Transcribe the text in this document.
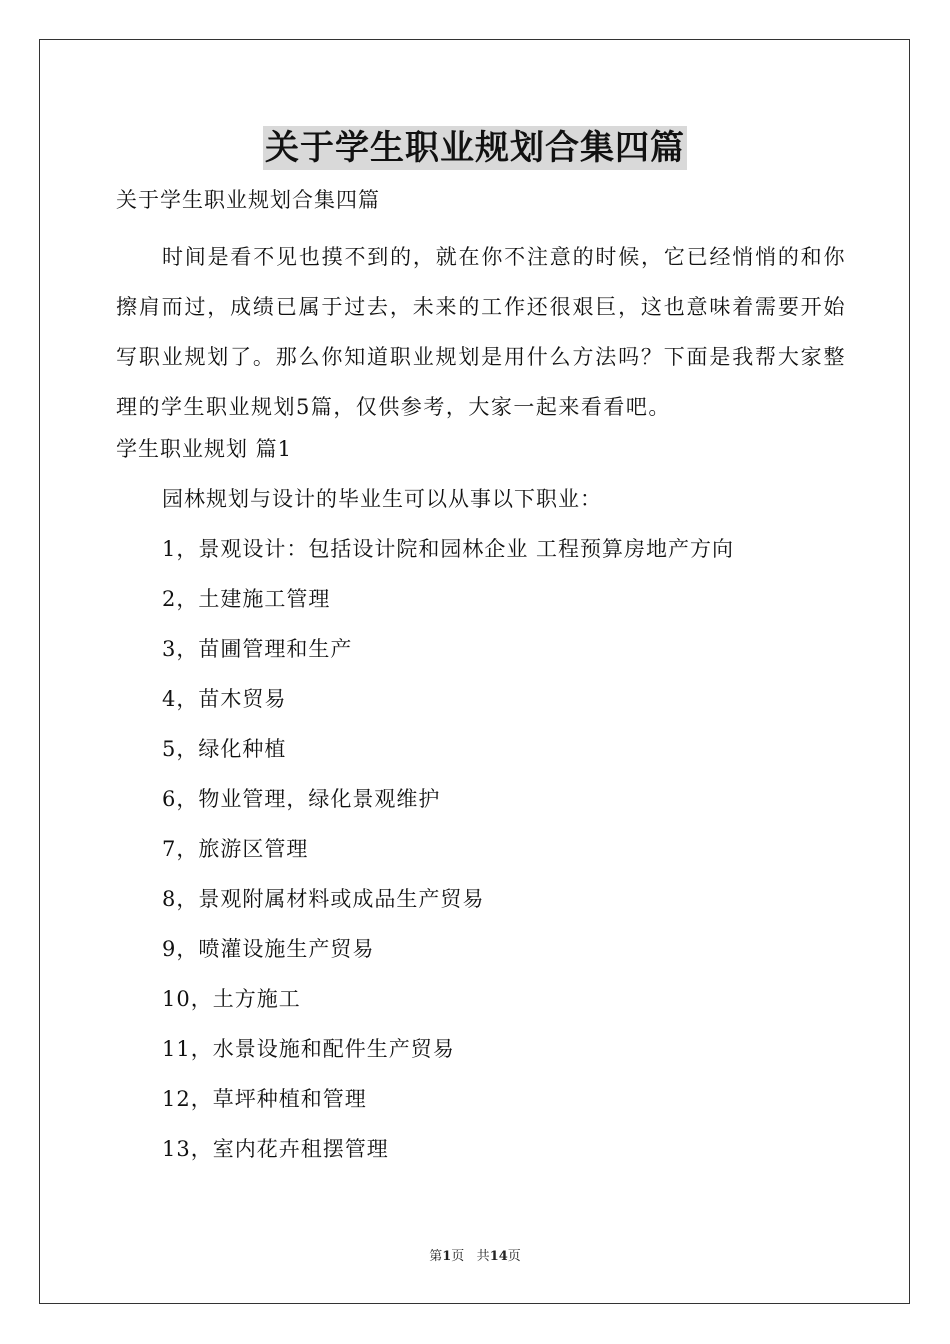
关于学生职业规划合集四篇
关于学生职业规划合集四篇

时间是看不见也摸不到的，就在你不注意的时候，它已经悄悄的和你擦肩而过，成绩已属于过去，未来的工作还很艰巨，这也意味着需要开始写职业规划了。那么你知道职业规划是用什么方法吗？下面是我帮大家整理的学生职业规划5篇，仅供参考，大家一起来看看吧。

学生职业规划 篇1
园林规划与设计的毕业生可以从事以下职业：
1，景观设计：包括设计院和园林企业 工程预算房地产方向
2，土建施工管理
3，苗圃管理和生产
4，苗木贸易
5，绿化种植
6，物业管理，绿化景观维护
7，旅游区管理
8，景观附属材料或成品生产贸易
9，喷灌设施生产贸易
10，土方施工
11，水景设施和配件生产贸易
12，草坪种植和管理
13，室内花卉租摆管理
第1页 共14页
